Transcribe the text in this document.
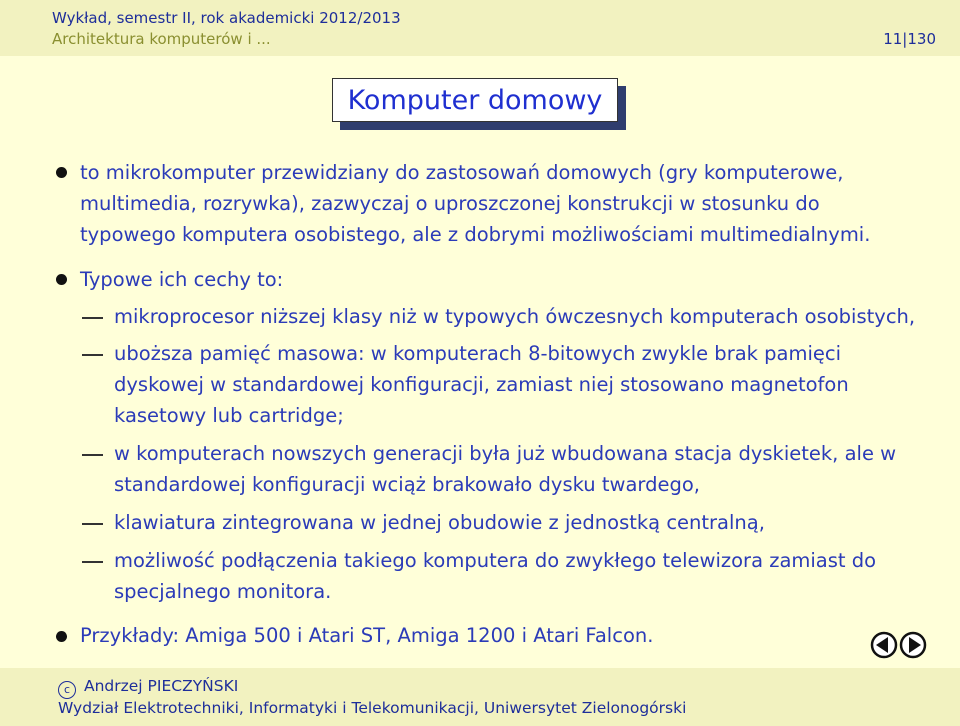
Wykład, semestr II, rok akademicki 2012/2013
Architektura komputerów i ...	11|130
Komputer domowy

to mikrokomputer przewidziany do zastosowań domowych (gry komputerowe,

multimedia, rozrywka), zazwyczaj o uproszczonej konstrukcji w stosunku do

typowego komputera osobistego, ale z dobrymi możliwościami multimedialnymi.

Typowe ich cechy to:

mikroprocesor niższej klasy niż w typowych ówczesnych komputerach osobistych,

uboższa pamięć masowa: w komputerach 8-bitowych zwykle brak pamięci

dyskowej w standardowej konfiguracji, zamiast niej stosowano magnetofon

kasetowy lub cartridge;

w komputerach nowszych generacji była już wbudowana stacja dyskietek, ale w

standardowej konfiguracji wciąż brakowało dysku twardego,

klawiatura zintegrowana w jednej obudowie z jednostką centralną,

możliwość podłączenia takiego komputera do zwykłego telewizora zamiast do

specjalnego monitora.

Przykłady: Amiga 500 i Atari ST, Amiga 1200 i Atari Falcon.

c Andrzej PIECZYŃSKI
Wydział Elektrotechniki, Informatyki i Telekomunikacji, Uniwersytet Zielonogórski
